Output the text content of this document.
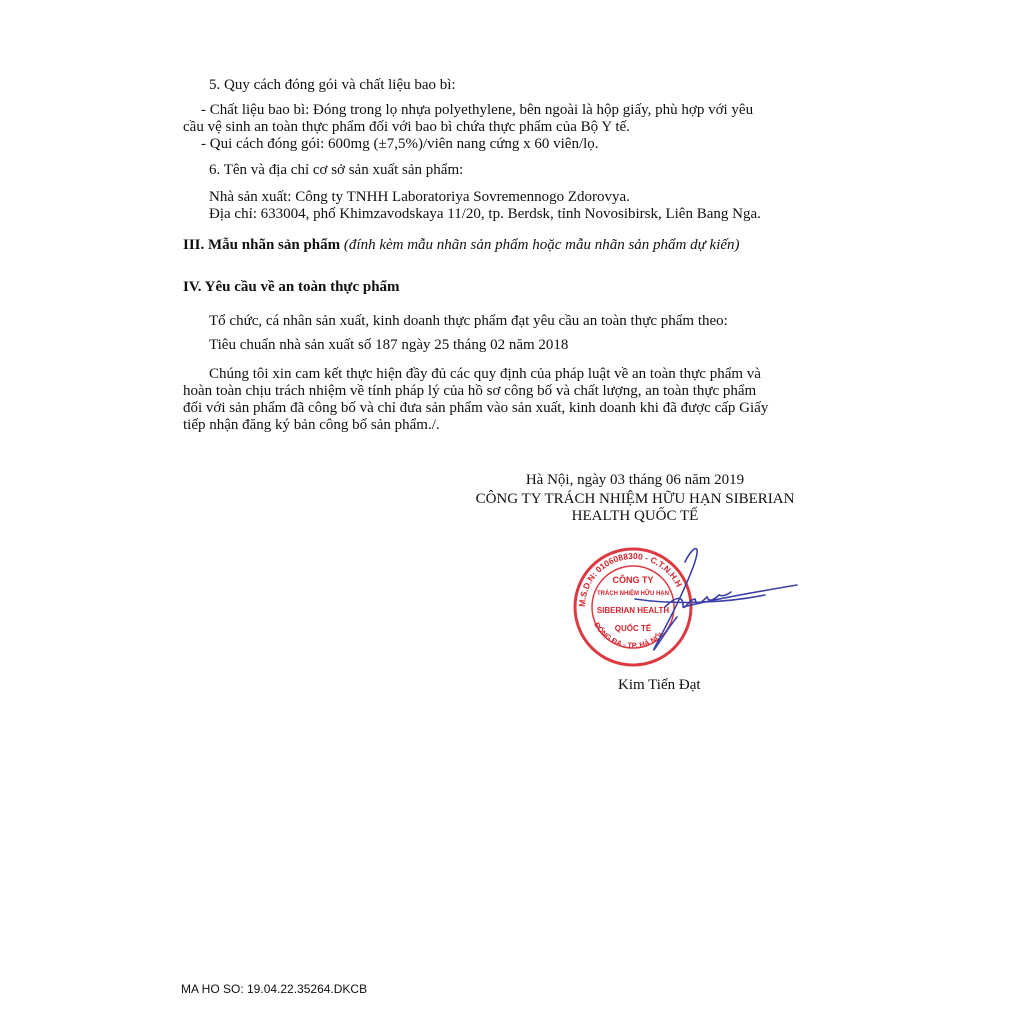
5. Quy cách đóng gói và chất liệu bao bì:
- Chất liệu bao bì: Đóng trong lọ nhựa polyethylene, bên ngoài là hộp giấy, phù hợp với yêu
cầu vệ sinh an toàn thực phẩm đối với bao bì chứa thực phẩm của Bộ Y tế.
- Qui cách đóng gói: 600mg (±7,5%)/viên nang cứng x 60 viên/lọ.
6. Tên và địa chỉ cơ sở sản xuất sản phẩm:
Nhà sản xuất: Công ty TNHH Laboratoriya Sovremennogo Zdorovya.
Địa chỉ: 633004, phố Khimzavodskaya 11/20, tp. Berdsk, tỉnh Novosibirsk, Liên Bang Nga.
III. Mẫu nhãn sản phẩm (đính kèm mẫu nhãn sản phẩm hoặc mẫu nhãn sản phẩm dự kiến)
IV. Yêu cầu về an toàn thực phẩm
Tổ chức, cá nhân sản xuất, kinh doanh thực phẩm đạt yêu cầu an toàn thực phẩm theo:
Tiêu chuẩn nhà sản xuất số 187 ngày 25 tháng 02 năm 2018
Chúng tôi xin cam kết thực hiện đầy đủ các quy định của pháp luật về an toàn thực phẩm và
hoàn toàn chịu trách nhiệm về tính pháp lý của hồ sơ công bố và chất lượng, an toàn thực phẩm
đối với sản phẩm đã công bố và chỉ đưa sản phẩm vào sản xuất, kinh doanh khi đã được cấp Giấy
tiếp nhận đăng ký bản công bố sản phẩm./.
Hà Nội, ngày 03 tháng 06 năm 2019
CÔNG TY TRÁCH NHIỆM HỮU HẠN SIBERIAN
HEALTH QUỐC TẾ
M.S.D.N: 0106088300 - C.T.N.H.H
ĐỐNG ĐA - TP. HÀ NỘI
CÔNG TY
TRÁCH NHIỆM HỮU HẠN
SIBERIAN HEALTH
QUỐC TẾ
Kim Tiến Đạt
MA HO SO: 19.04.22.35264.DKCB
